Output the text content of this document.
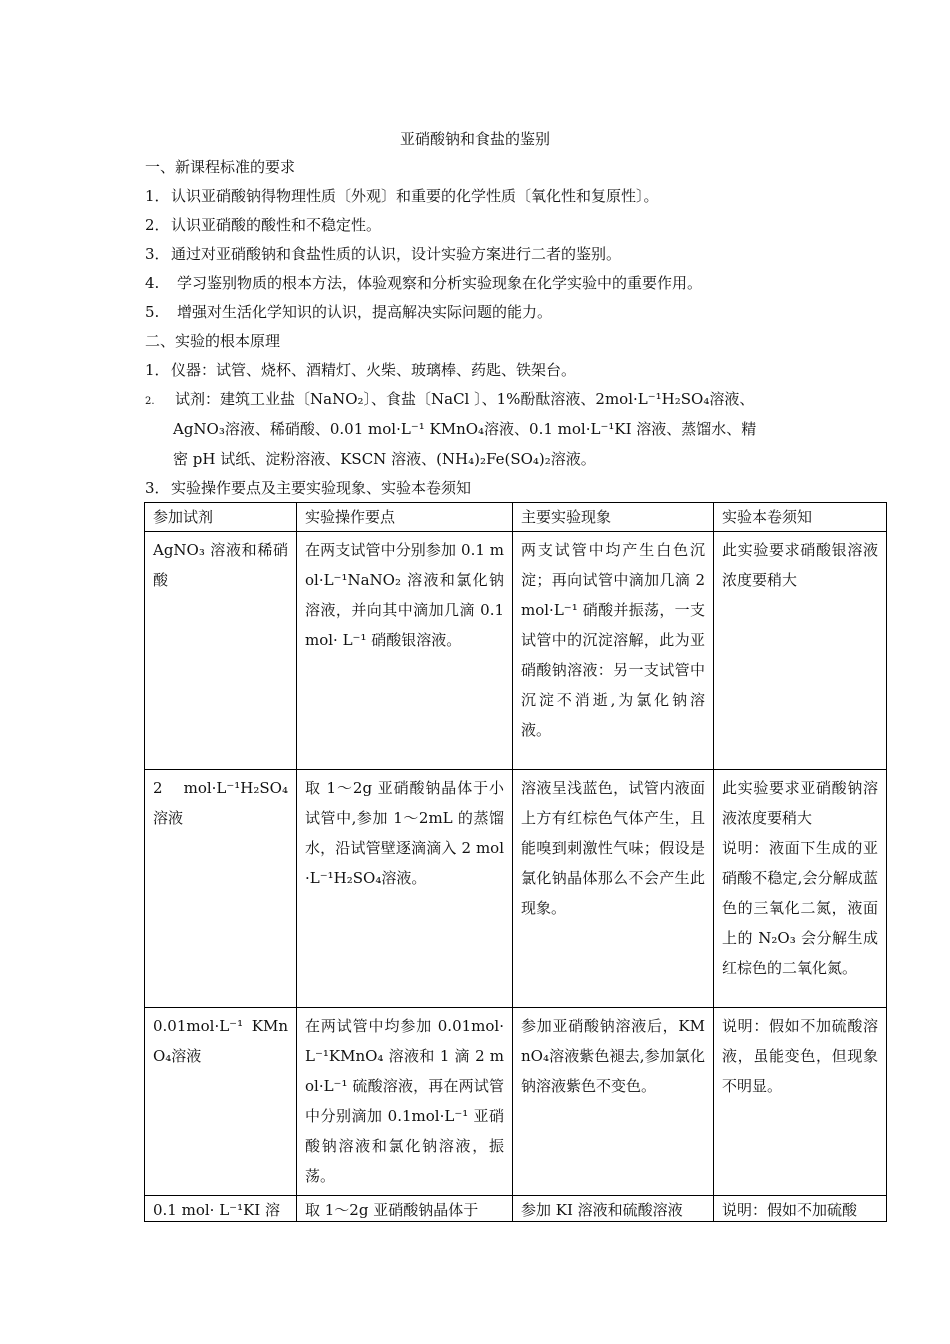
亚硝酸钠和食盐的鉴别
一、新课程标准的要求
1．认识亚硝酸钠得物理性质〔外观〕和重要的化学性质〔氧化性和复原性〕。
2．认识亚硝酸的酸性和不稳定性。
3．通过对亚硝酸钠和食盐性质的认识，设计实验方案进行二者的鉴别。
4. 学习鉴别物质的根本方法，体验观察和分析实验现象在化学实验中的重要作用。
5. 增强对生活化学知识的认识，提高解决实际问题的能力。
二、实验的根本原理
1．仪器：试管、烧杯、酒精灯、火柴、玻璃棒、药匙、铁架台。
2. 试剂：建筑工业盐〔NaNO₂〕、食盐〔NaCl 〕、1%酚酞溶液、2mol·L⁻¹H₂SO₄溶液、
AgNO₃溶液、稀硝酸、0.01 mol·L⁻¹ KMnO₄溶液、0.1 mol·L⁻¹KI 溶液、蒸馏水、精
密 pH 试纸、淀粉溶液、KSCN 溶液、(NH₄)₂Fe(SO₄)₂溶液。
3．实验操作要点及主要实验现象、实验本卷须知
参加试剂	实验操作要点	主要实验现象	实验本卷须知
AgNO₃ 溶液和稀硝酸	在两支试管中分别参加 0.1 mol·L⁻¹NaNO₂ 溶液和氯化钠溶液，并向其中滴加几滴 0.1 mol· L⁻¹ 硝酸银溶液。	两支试管中均产生白色沉淀；再向试管中滴加几滴 2 mol·L⁻¹ 硝酸并振荡，一支试管中的沉淀溶解，此为亚硝酸钠溶液：另一支试管中沉淀不消逝,为氯化钠溶液。	此实验要求硝酸银溶液浓度要稍大
2 mol·L⁻¹H₂SO₄ 溶液	取 1～2g 亚硝酸钠晶体于小试管中,参加 1～2mL 的蒸馏水，沿试管壁逐滴滴入 2 mol·L⁻¹H₂SO₄溶液。	溶液呈浅蓝色，试管内液面上方有红棕色气体产生，且能嗅到刺激性气味；假设是氯化钠晶体那么不会产生此现象。	此实验要求亚硝酸钠溶液浓度要稍大
说明：液面下生成的亚硝酸不稳定,会分解成蓝色的三氧化二氮，液面上的 N₂O₃ 会分解生成红棕色的二氧化氮。
0.01mol·L⁻¹ KMnO₄溶液	在两试管中均参加 0.01mol·L⁻¹KMnO₄ 溶液和 1 滴 2 mol·L⁻¹ 硫酸溶液，再在两试管中分别滴加 0.1mol·L⁻¹ 亚硝酸钠溶液和氯化钠溶液，振荡。	参加亚硝酸钠溶液后，KMnO₄溶液紫色褪去,参加氯化钠溶液紫色不变色。	说明：假如不加硫酸溶液，虽能变色，但现象不明显。
0.1 mol· L⁻¹KI 溶	取 1～2g 亚硝酸钠晶体于	参加 KI 溶液和硫酸溶液	说明：假如不加硫酸
